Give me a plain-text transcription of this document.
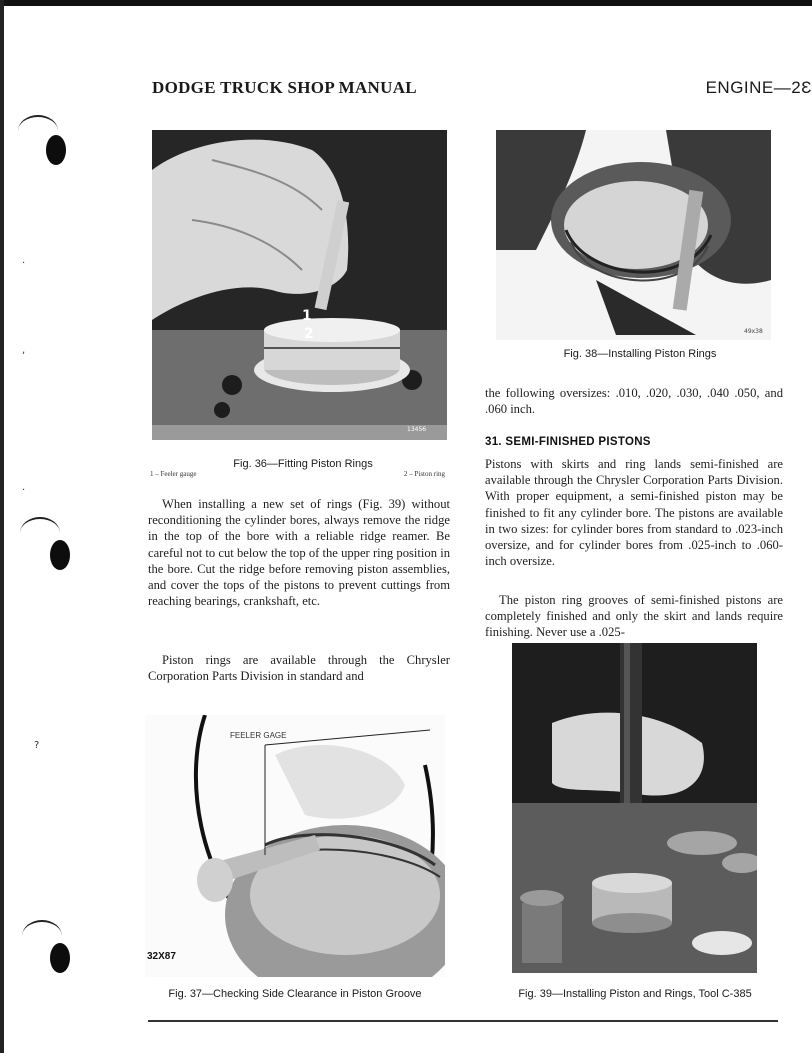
·
,
·
?
DODGE TRUCK SHOP MANUAL	ENGINE—2Ɛ
1
2
13456
Fig. 36—Fitting Piston Rings
1 – Feeler gauge	2 – Piston ring

When installing a new set of rings (Fig. 39) without reconditioning the cylinder bores, always remove the ridge in the top of the bore with a reliable ridge reamer. Be careful not to cut below the top of the upper ring position in the bore. Cut the ridge before removing piston assemblies, and cover the tops of the pistons to prevent cuttings from reaching bearings, crankshaft, etc.

Piston rings are available through the Chrysler Corporation Parts Division in standard and

49x38
Fig. 38—Installing Piston Rings

the following oversizes: .010, .020, .030, .040 .050, and .060 inch.

31. SEMI-FINISHED PISTONS

Pistons with skirts and ring lands semi-finished are available through the Chrysler Corporation Parts Division. With proper equipment, a semi-finished piston may be finished to fit any cylinder bore. The pistons are available in two sizes: for cylinder bores from standard to .023-inch oversize, and for cylinder bores from .025-inch to .060-inch oversize.

The piston ring grooves of semi-finished pistons are completely finished and only the skirt and lands require finishing. Never use a .025-

FEELER GAGE
32X87
Fig. 37—Checking Side Clearance in Piston Groove	Fig. 39—Installing Piston and Rings, Tool C-385
